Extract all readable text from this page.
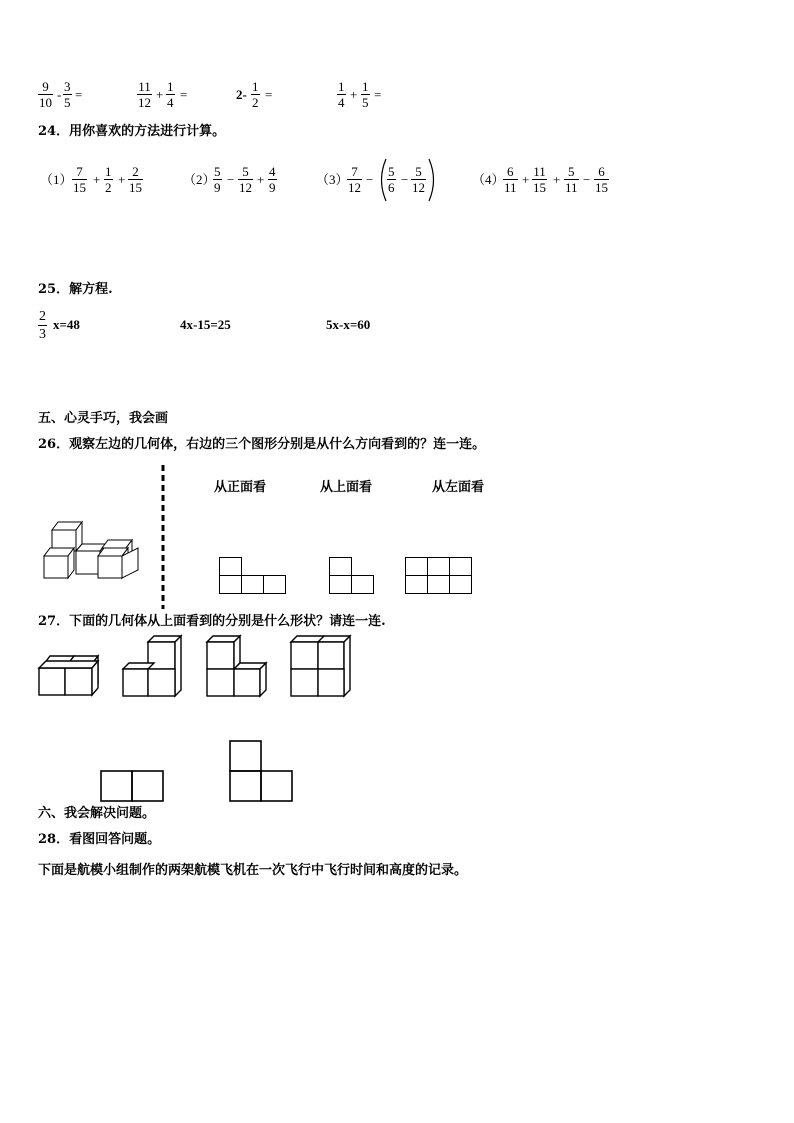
$\frac{9}{10} - \frac{3}{5}$ =	$\frac{11}{12} + \frac{1}{4}$ =	$2- \frac{1}{2}$ =	$\frac{1}{4} + \frac{1}{5}$ =
24．用你喜欢的方法进行计算。
$(1) \frac{7}{15} + \frac{1}{2} + \frac{2}{15}$	（2）
$\frac{5}{9} - \frac{5}{12} + \frac{4}{9}$	（3）
$\frac{7}{12} - \frac{5}{6} - \frac{5}{12}$	（4）
$\frac{6}{11} + \frac{11}{15} + \frac{5}{11} - \frac{6}{15}$
25．解方程.
$\frac{2}{3} x=48$	4x-15=25	5x-x=60
五、心灵手巧，我会画
26．观察左边的几何体，右边的三个图形分别是从什么方向看到的？连一连。
从正面看	从上面看	从左面看
27．下面的几何体从上面看到的分别是什么形状？请连一连.
六、我会解决问题。
28．看图回答问题。
下面是航模小组制作的两架航模飞机在一次飞行中飞行时间和高度的记录。
